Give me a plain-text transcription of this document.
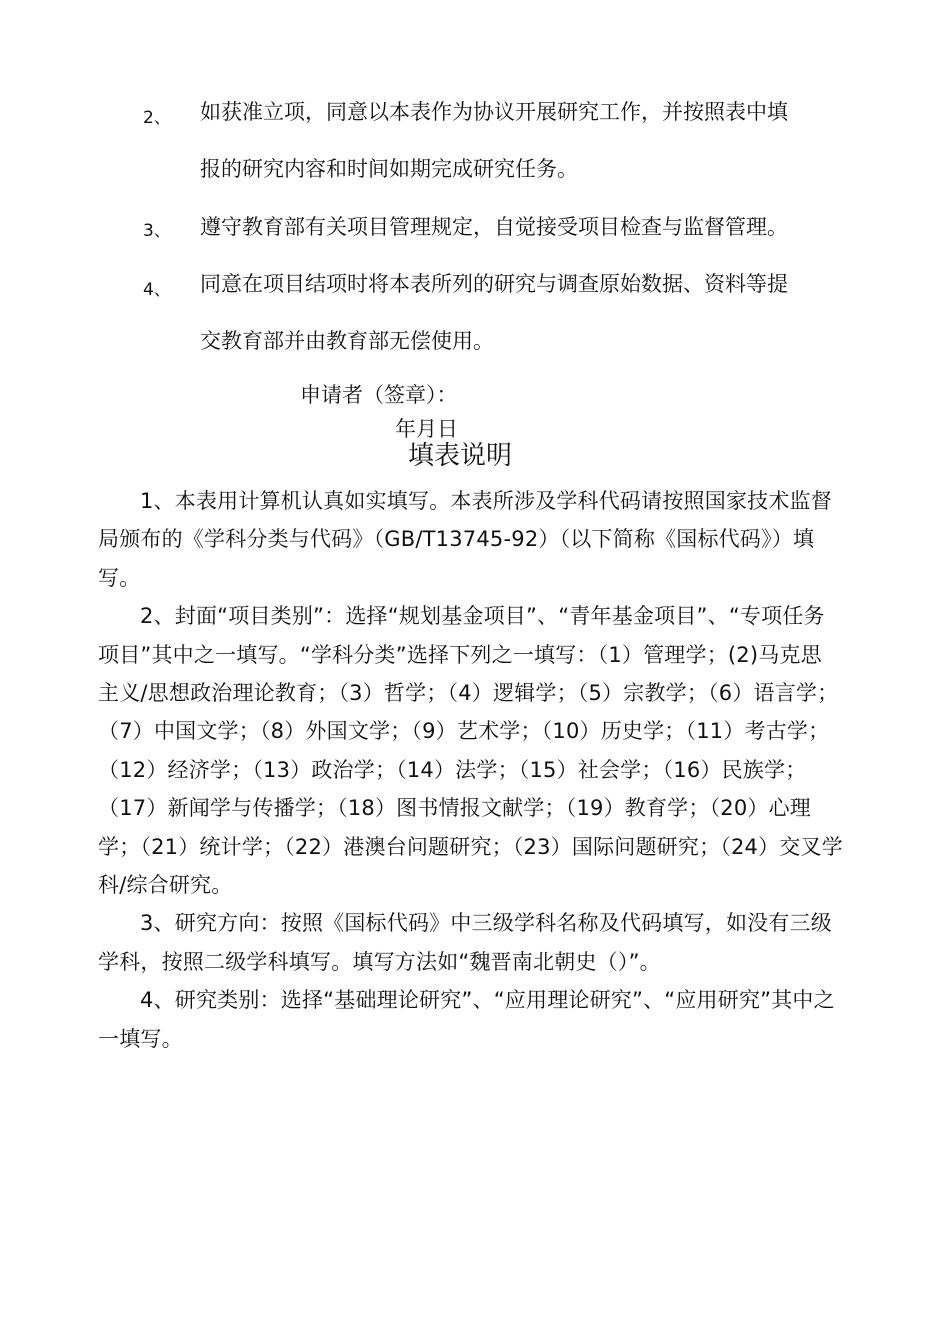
2、 如获准立项，同意以本表作为协议开展研究工作，并按照表中填
报的研究内容和时间如期完成研究任务。
3、 遵守教育部有关项目管理规定，自觉接受项目检查与监督管理。
4、 同意在项目结项时将本表所列的研究与调查原始数据、资料等提
交教育部并由教育部无偿使用。
申请者（签章）：
年月日
填表说明

1、本表用计算机认真如实填写。本表所涉及学科代码请按照国家技术监督局颁布的《学科分类与代码》（GB/T13745-92）（以下简称《国标代码》）填写。

2、封面“项目类别”：选择“规划基金项目”、“青年基金项目”、“专项任务项目”其中之一填写。“学科分类”选择下列之一填写：（1）管理学；(2)马克思主义/思想政治理论教育；（3）哲学；（4）逻辑学；（5）宗教学；（6）语言学；（7）中国文学；（8）外国文学；（9）艺术学；（10）历史学；（11）考古学；（12）经济学；（13）政治学；（14）法学；（15）社会学；（16）民族学；（17）新闻学与传播学；（18）图书情报文献学；（19）教育学；（20）心理学；（21）统计学；（22）港澳台问题研究；（23）国际问题研究；（24）交叉学科/综合研究。

3、研究方向：按照《国标代码》中三级学科名称及代码填写，如没有三级学科，按照二级学科填写。填写方法如“魏晋南北朝史（）”。

4、研究类别：选择“基础理论研究”、“应用理论研究”、“应用研究”其中之一填写。
